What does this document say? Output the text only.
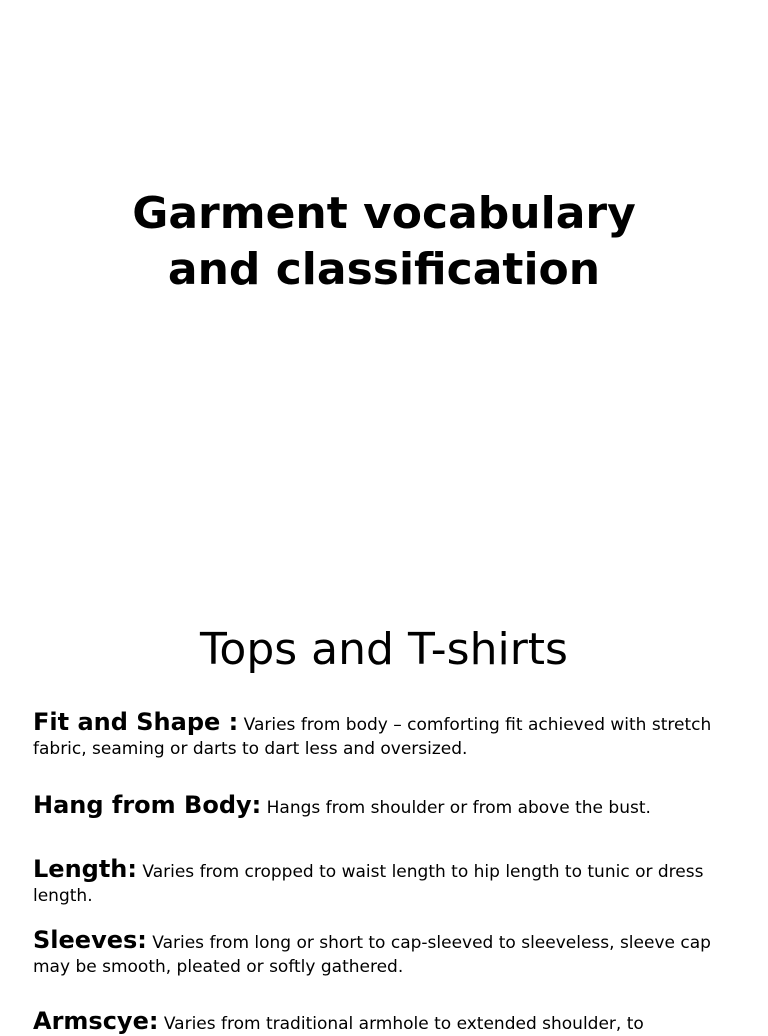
Garment vocabulary
and classification
Tops and T-shirts

Fit and Shape : Varies from body – comforting fit achieved with stretch fabric, seaming or darts to dart less and oversized.

Hang from Body: Hangs from shoulder or from above the bust.

Length: Varies from cropped to waist length to hip length to tunic or dress length.

Sleeves: Varies from long or short to cap-sleeved to sleeveless, sleeve cap may be smooth, pleated or softly gathered.

Armscye: Varies from traditional armhole to extended shoulder, to
